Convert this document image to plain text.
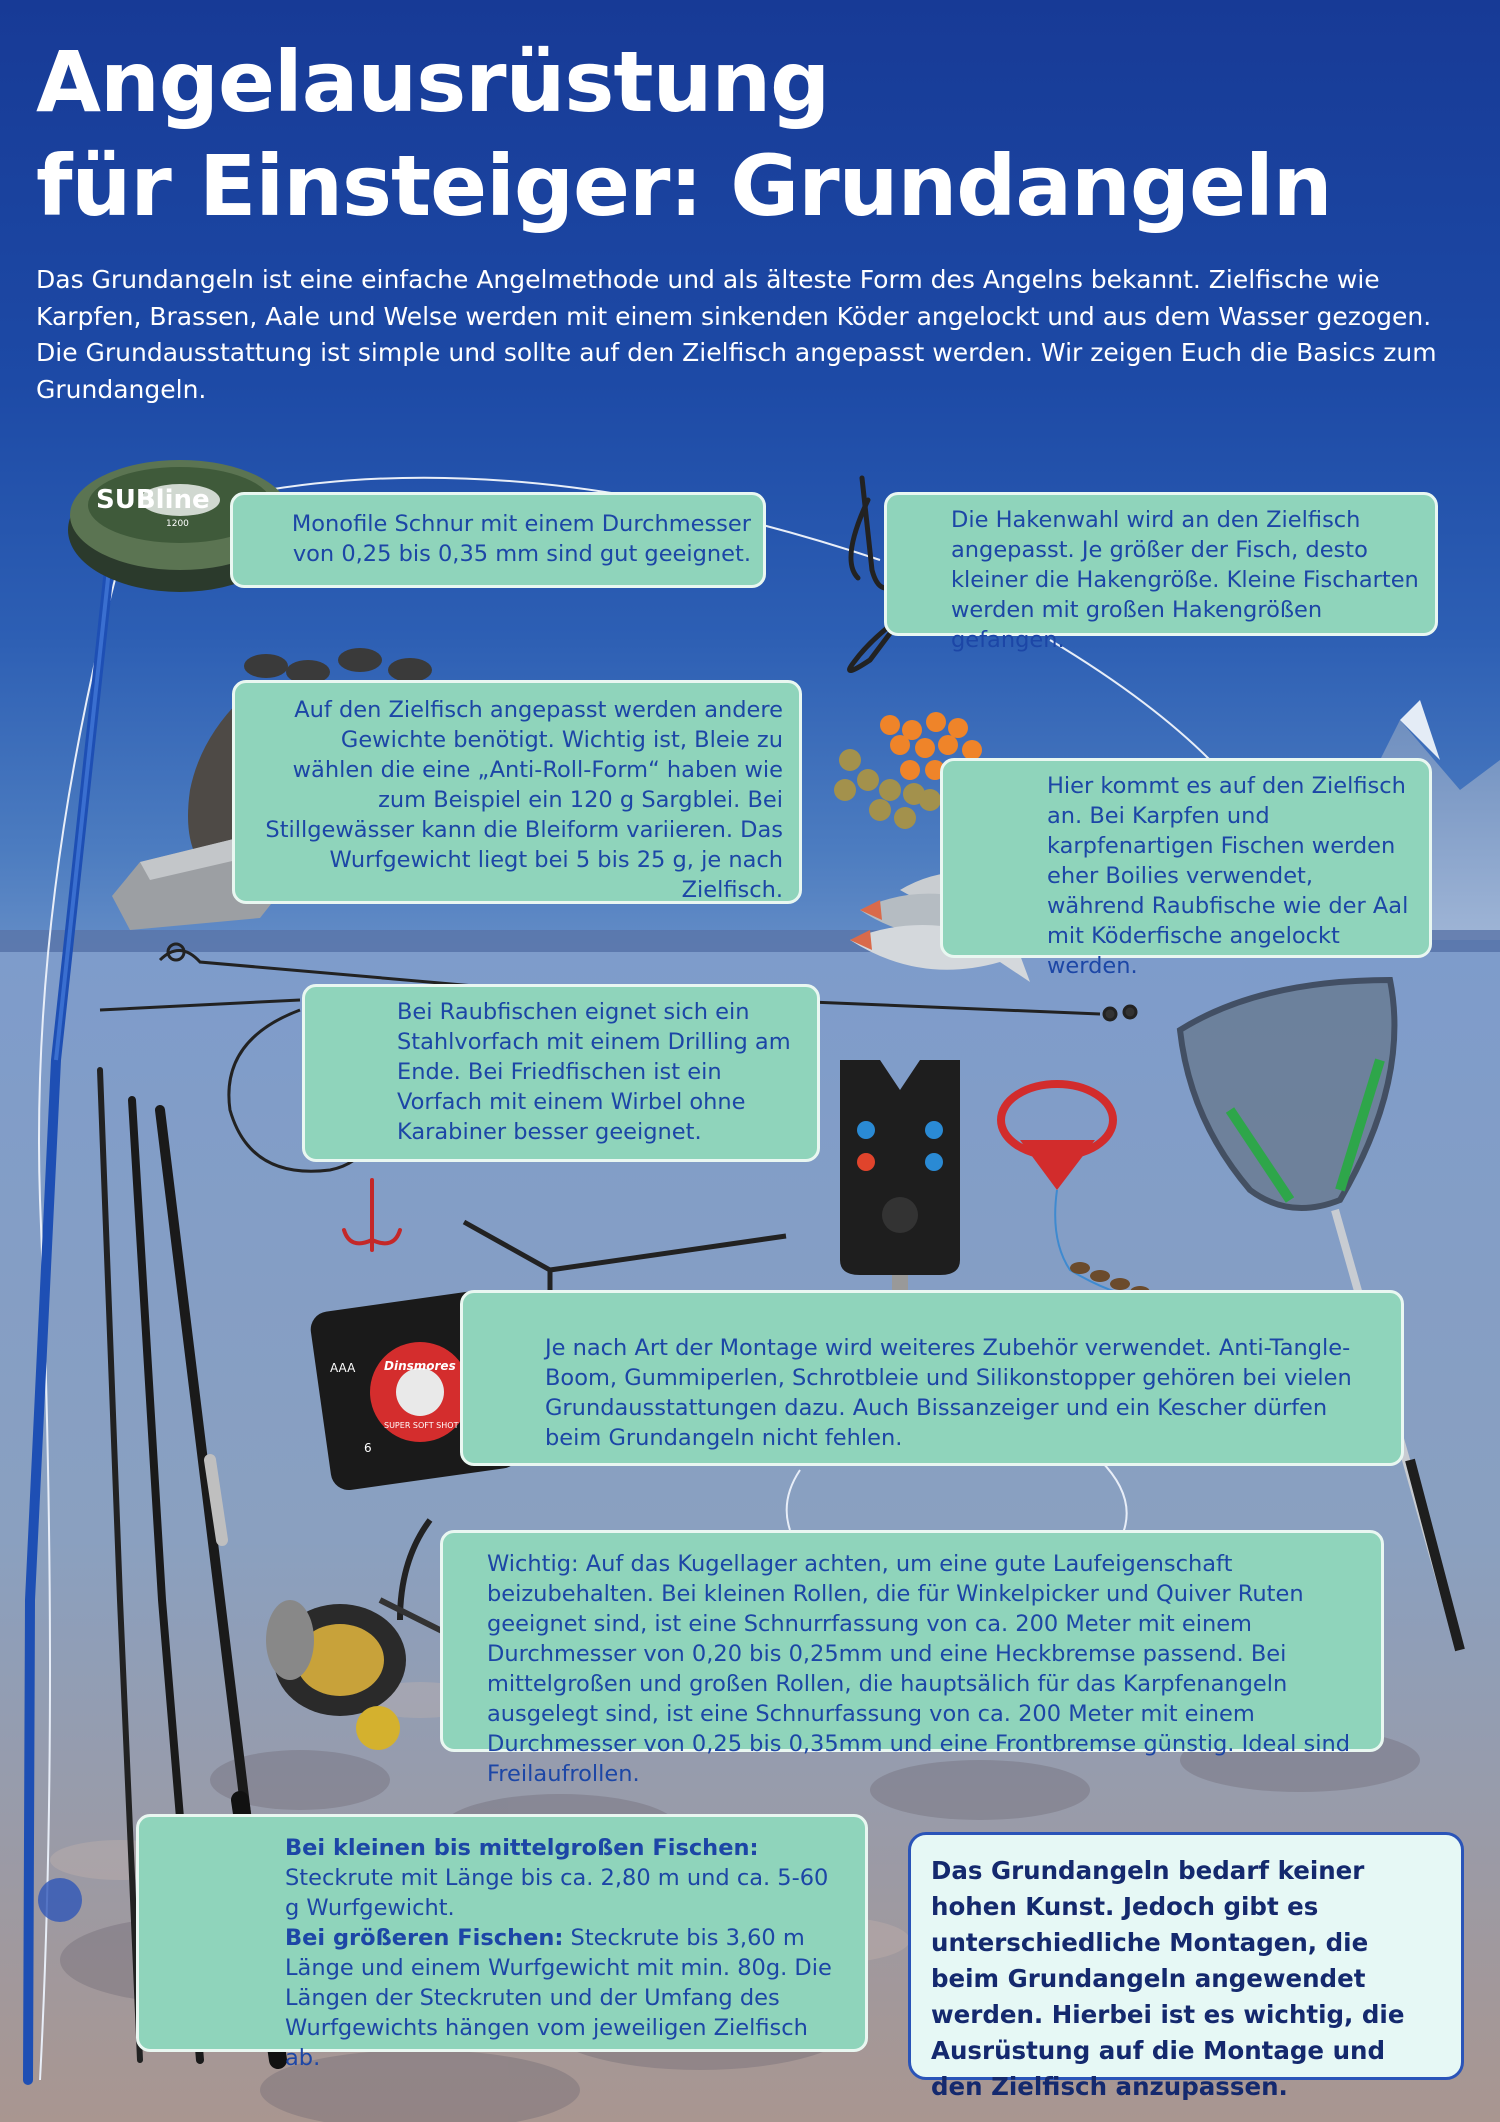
Angelausrüstung
für Einsteiger: Grundangeln

Das Grundangeln ist eine einfache Angelmethode und als älteste Form des Angelns bekannt. Zielfische wie Karpfen, Brassen, Aale und Welse werden mit einem sinkenden Köder angelockt und aus dem Wasser gezogen. Die Grundausstattung ist simple und sollte auf den Zielfisch angepasst werden. Wir zeigen Euch die Basics zum Grundangeln.

SUBline
1200
Dinsmores
SUPER SOFT SHOT
AAA
6

Monofile Schnur mit einem Durchmesser von 0,25 bis 0,35 mm sind gut geeignet.

Die Hakenwahl wird an den Zielfisch angepasst. Je größer der Fisch, desto kleiner die Hakengröße. Kleine Fischarten werden mit großen Hakengrößen gefangen.

Auf den Zielfisch angepasst werden andere Gewichte benötigt. Wichtig ist, Bleie zu wählen die eine „Anti-Roll-Form“ haben wie zum Beispiel ein 120 g Sargblei. Bei Stillgewässer kann die Bleiform variieren. Das Wurfgewicht liegt bei 5 bis 25 g, je nach Zielfisch.

Hier kommt es auf den Zielfisch an. Bei Karpfen und karpfenartigen Fischen werden eher Boilies verwendet, während Raubfische wie der Aal mit Köderfische angelockt werden.

Bei Raubfischen eignet sich ein Stahlvorfach mit einem Drilling am Ende. Bei Friedfischen ist ein Vorfach mit einem Wirbel ohne Karabiner besser geeignet.

Je nach Art der Montage wird weiteres Zubehör verwendet. Anti-Tangle-Boom, Gummiperlen, Schrotbleie und Silikonstopper gehören bei vielen Grundausstattungen dazu. Auch Bissanzeiger und ein Kescher dürfen beim Grundangeln nicht fehlen.

Wichtig: Auf das Kugellager achten, um eine gute Laufeigenschaft beizubehalten. Bei kleinen Rollen, die für Winkelpicker und Quiver Ruten geeignet sind, ist eine Schnurrfassung von ca. 200 Meter mit einem Durchmesser von 0,20 bis 0,25mm und eine Heckbremse passend. Bei mittelgroßen und großen Rollen, die hauptsälich für das Karpfenangeln ausgelegt sind, ist eine Schnurfassung von ca. 200 Meter mit einem Durchmesser von 0,25 bis 0,35mm und eine Frontbremse günstig. Ideal sind Freilaufrollen.

Bei kleinen bis mittelgroßen Fischen:
Steckrute mit Länge bis ca. 2,80 m und ca. 5-60 g Wurfgewicht.

Bei größeren Fischen: Steckrute bis 3,60 m Länge und einem Wurfgewicht mit min. 80g. Die Längen der Steckruten und der Umfang des Wurfgewichts hängen vom jeweiligen Zielfisch ab.

Das Grundangeln bedarf keiner hohen Kunst. Jedoch gibt es unterschiedliche Montagen, die beim Grundangeln angewendet werden. Hierbei ist es wichtig, die Ausrüstung auf die Montage und den Zielfisch anzupassen.
